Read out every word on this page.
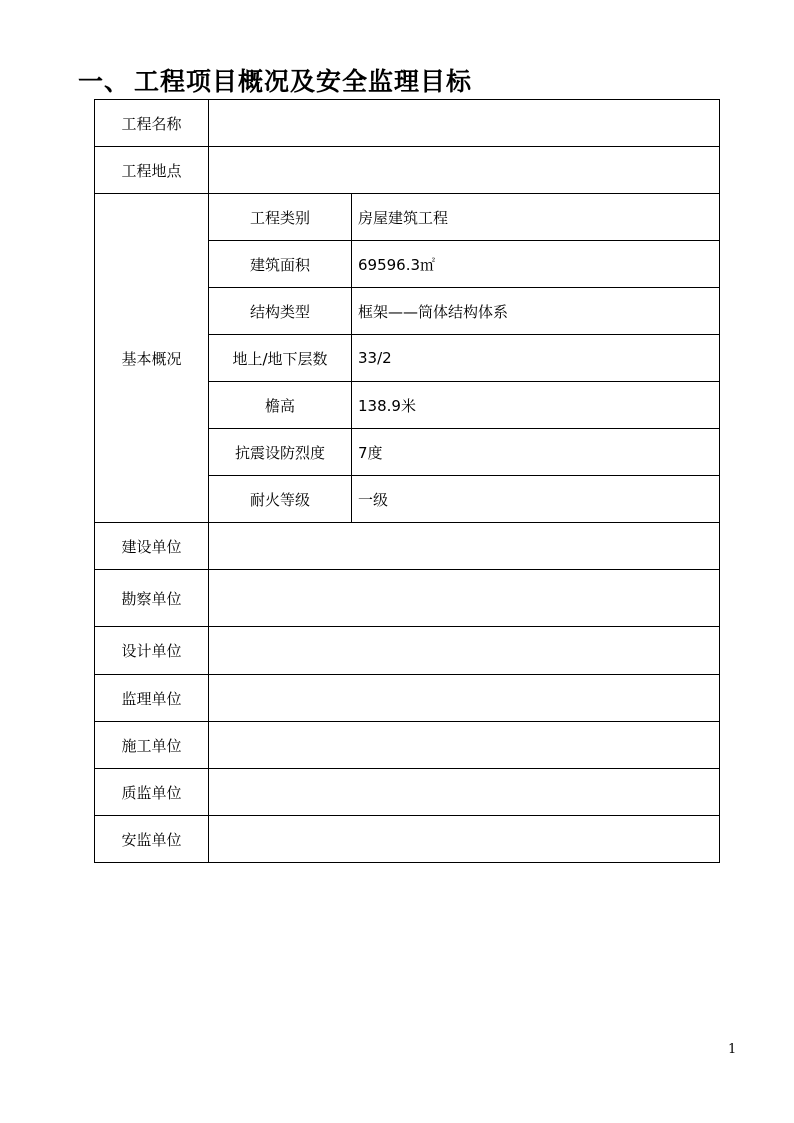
一、 工程项目概况及安全监理目标
工程名称		
工程地点		
基本概况	工程类别	房屋建筑工程
	建筑面积	69596.3㎡
	结构类型	框架——筒体结构体系
	地上/地下层数	33/2
	檐高	138.9米
	抗震设防烈度	7度
	耐火等级	一级
建设单位		
勘察单位		
设计单位		
监理单位		
施工单位		
质监单位		
安监单位		
1
